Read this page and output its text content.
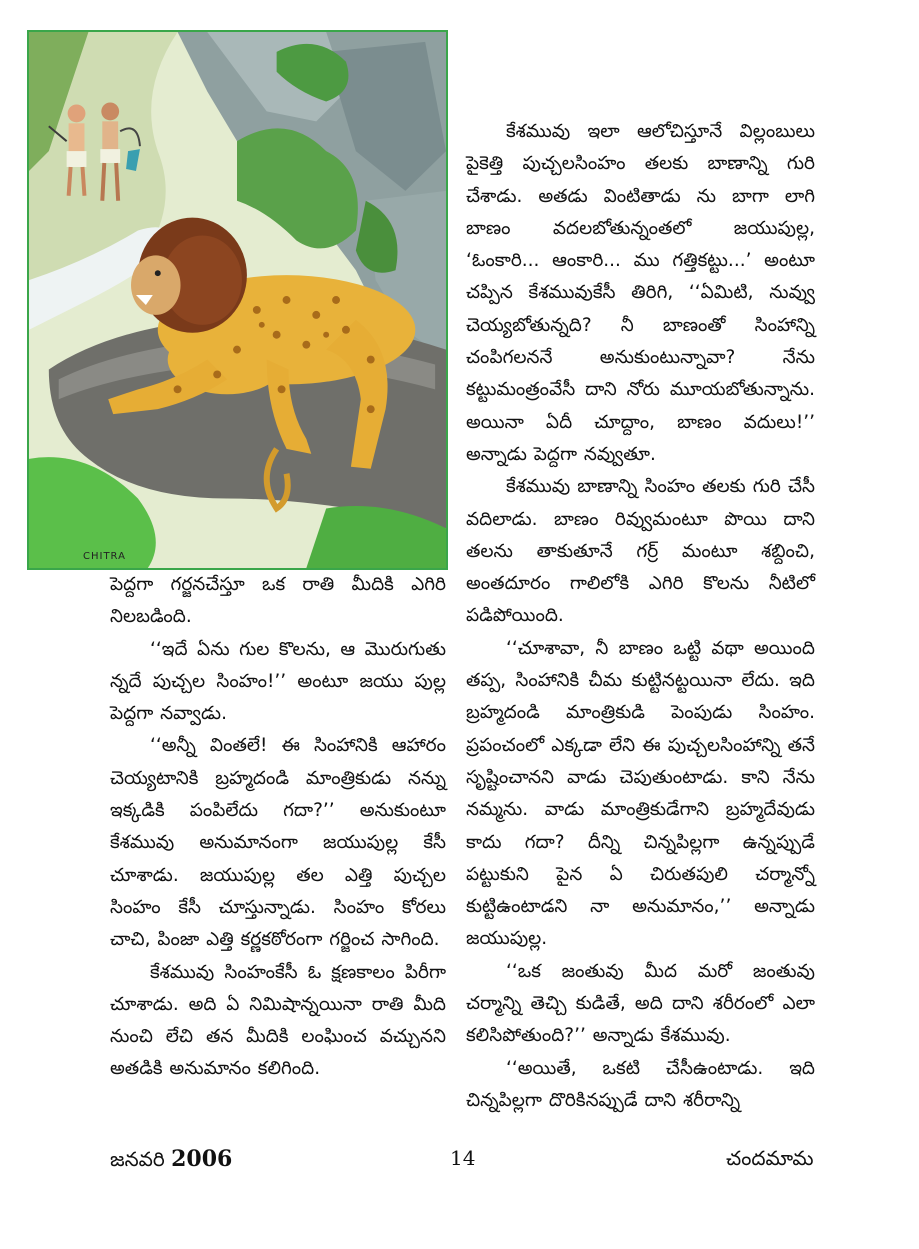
CHITRA

పెద్దగా గర్జనచేస్తూ ఒక రాతి మీదికి ఎగిరి నిలబడింది.

‘‘ఇదే ఏను గుల కొలను, ఆ మొరుగుతు న్నదే పుచ్చల సింహం!’’ అంటూ జయు పుల్ల పెద్దగా నవ్వాడు.

‘‘అన్నీ వింతలే! ఈ సింహానికి ఆహారం చెయ్యటానికి బ్రహ్మదండి మాంత్రికుడు నన్ను ఇక్కడికి పంపిలేదు గదా?’’ అనుకుంటూ కేశమువు అనుమానంగా జయుపుల్ల కేసీ చూశాడు. జయుపుల్ల తల ఎత్తి పుచ్చల సింహం కేసీ చూస్తున్నాడు. సింహం కోరలు చాచి, పింజా ఎత్తి కర్ణకఠోరంగా గర్జించ సాగింది.

కేశమువు సింహంకేసీ ఓ క్షణకాలం పిరీగా చూశాడు. అది ఏ నిమిషాన్నయినా రాతి మీది నుంచి లేచి తన మీదికి లంఘించ వచ్చునని అతడికి అనుమానం కలిగింది.

కేశమువు ఇలా ఆలోచిస్తూనే విల్లంబులు పైకెత్తి పుచ్చలసింహం తలకు బాణాన్ని గురి చేశాడు. అతడు వింటితాడు ను బాగా లాగి బాణం వదలబోతున్నంతలో జయుపుల్ల, ‘ఓంకారి... ఆంకారి... ము గత్తికట్టు...’ అంటూ చప్పిన కేశమువుకేసీ తిరిగి, ‘‘ఏమిటి, నువ్వు చెయ్యబోతున్నది? నీ బాణంతో సింహాన్ని చంపిగలననే అనుకుంటున్నావా? నేను కట్టుమంత్రంవేసీ దాని నోరు మూయబోతున్నాను. అయినా ఏదీ చూద్దాం, బాణం వదులు!’’ అన్నాడు పెద్దగా నవ్వుతూ.

కేశమువు బాణాన్ని సింహం తలకు గురి చేసీ వదిలాడు. బాణం రివ్వుమంటూ పొయి దాని తలను తాకుతూనే గర్ర్ మంటూ శబ్దించి, అంతదూరం గాలిలోకి ఎగిరి కొలను నీటిలో పడిపోయింది.

‘‘చూశావా, నీ బాణం ఒట్టి వథా అయింది తప్ప, సింహానికి చీమ కుట్టినట్టయినా లేదు. ఇది బ్రహ్మదండి మాంత్రికుడి పెంపుడు సింహం. ప్రపంచంలో ఎక్కడా లేని ఈ పుచ్చలసింహాన్ని తనే సృష్టించానని వాడు చెపుతుంటాడు. కాని నేను నమ్మను. వాడు మాంత్రికుడేగాని బ్రహ్మదేవుడు కాదు గదా? దీన్ని చిన్నపిల్లగా ఉన్నప్పుడే పట్టుకుని పైన ఏ చిరుతపులి చర్మాన్నో కుట్టిఉంటాడని నా అనుమానం,’’ అన్నాడు జయుపుల్ల.

‘‘ఒక జంతువు మీద మరో జంతువు చర్మాన్ని తెచ్చి కుడితే, అది దాని శరీరంలో ఎలా కలిసిపోతుంది?’’ అన్నాడు కేశమువు.

‘‘అయితే, ఒకటి చేసీఉంటాడు. ఇది చిన్నపిల్లగా దొరికినప్పుడే దాని శరీరాన్ని

జనవరి 2006	14	చందమామ
